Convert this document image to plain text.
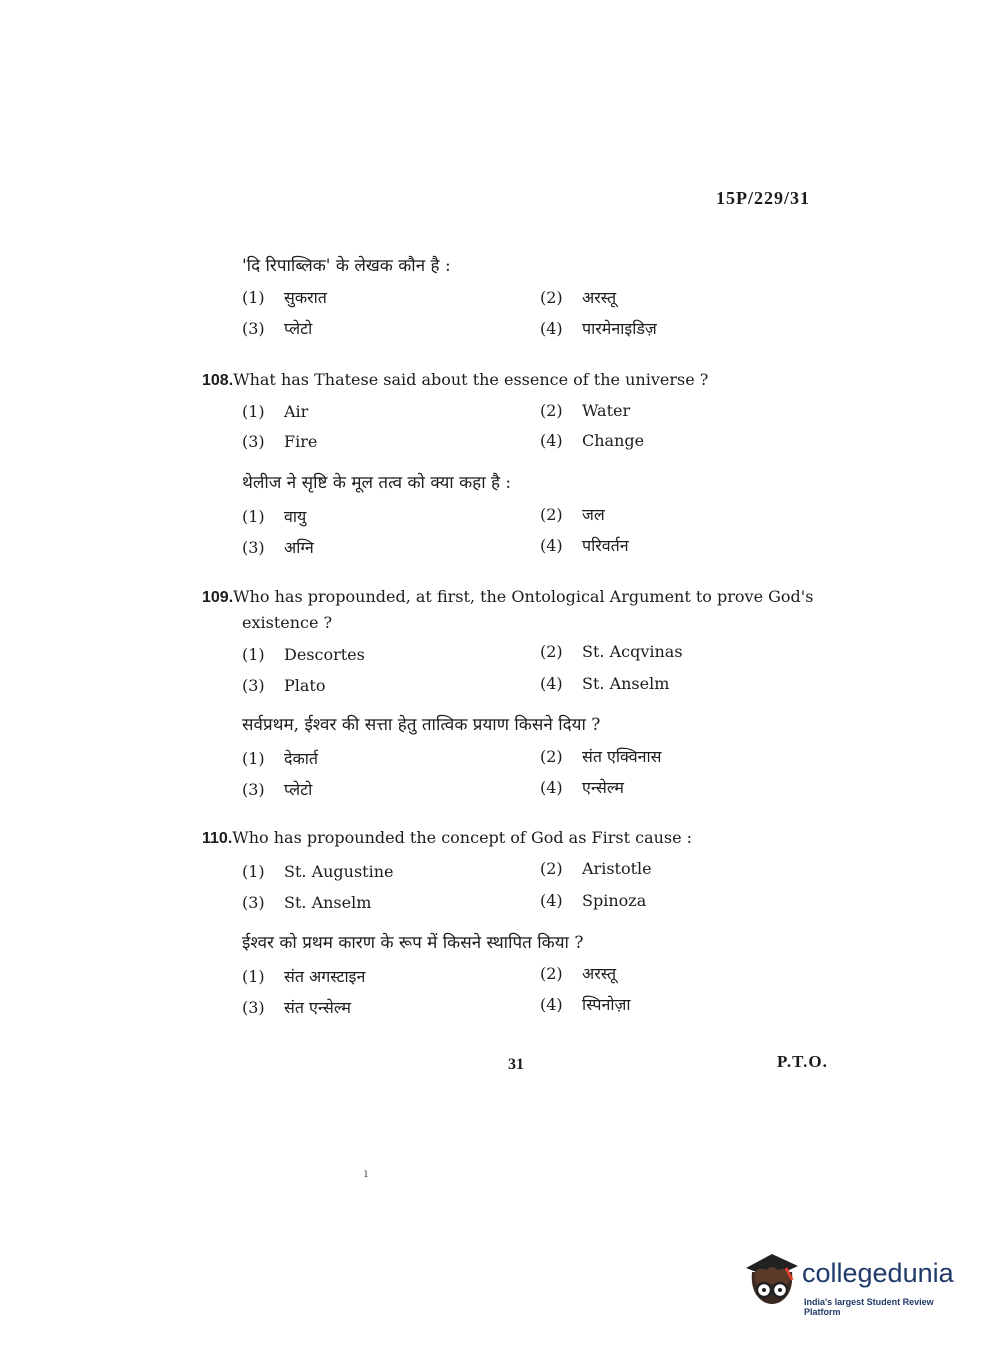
15P/229/31
'दि रिपाब्लिक' के लेखक कौन है :
(1) सुकरात	(2) अरस्तू
(3) प्लेटो	(4) पारमेनाइडिज़
108.What has Thatese said about the essence of the universe ?
(1) Air	(2) Water
(3) Fire	(4) Change
थेलीज ने सृष्टि के मूल तत्व को क्या कहा है :
(1) वायु	(2) जल
(3) अग्नि	(4) परिवर्तन
109.Who has propounded, at first, the Ontological Argument to prove God's
existence ?
(1) Descortes	(2) St. Acqvinas
(3) Plato	(4) St. Anselm
सर्वप्रथम, ईश्वर की सत्ता हेतु तात्विक प्रयाण किसने दिया ?
(1) देकार्त	(2) संत एक्विनास
(3) प्लेटो	(4) एन्सेल्म
110.Who has propounded the concept of God as First cause :
(1) St. Augustine	(2) Aristotle
(3) St. Anselm	(4) Spinoza
ईश्वर को प्रथम कारण के रूप में किसने स्थापित किया ?
(1) संत अगस्टाइन	(2) अरस्तू
(3) संत एन्सेल्म	(4) स्पिनोज़ा
31	P.T.O.
ı
collegedunia
India's largest Student Review Platform
